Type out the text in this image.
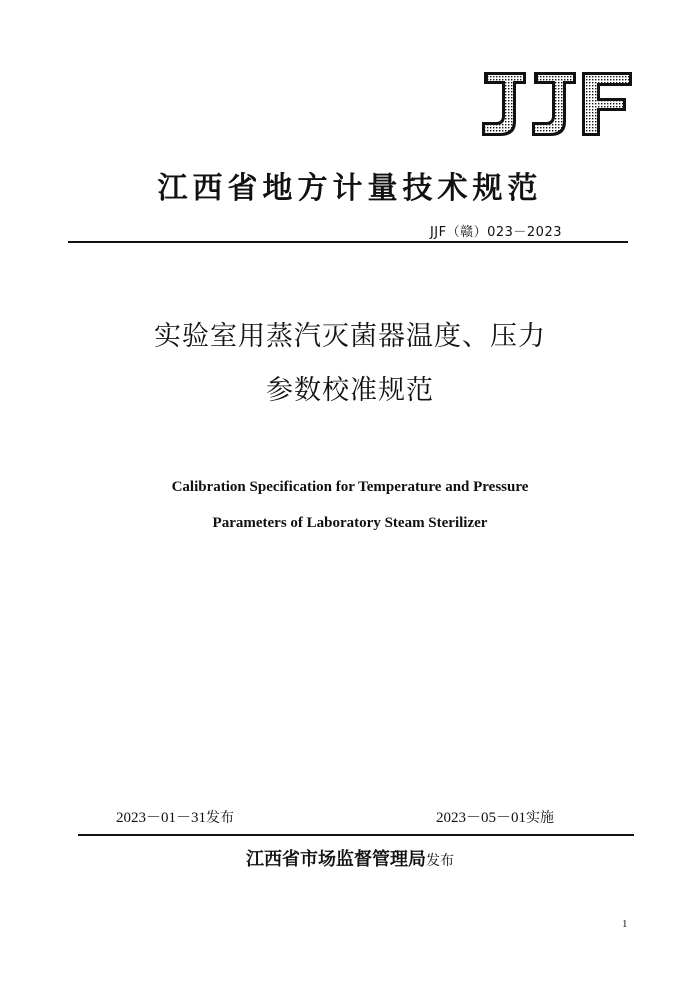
江西省地方计量技术规范
JJF（赣）023－2023
实验室用蒸汽灭菌器温度、压力
参数校准规范
Calibration Specification for Temperature and Pressure
Parameters of Laboratory Steam Sterilizer
2023－01－31发布	2023－05－01实施
江西省市场监督管理局发布
1
